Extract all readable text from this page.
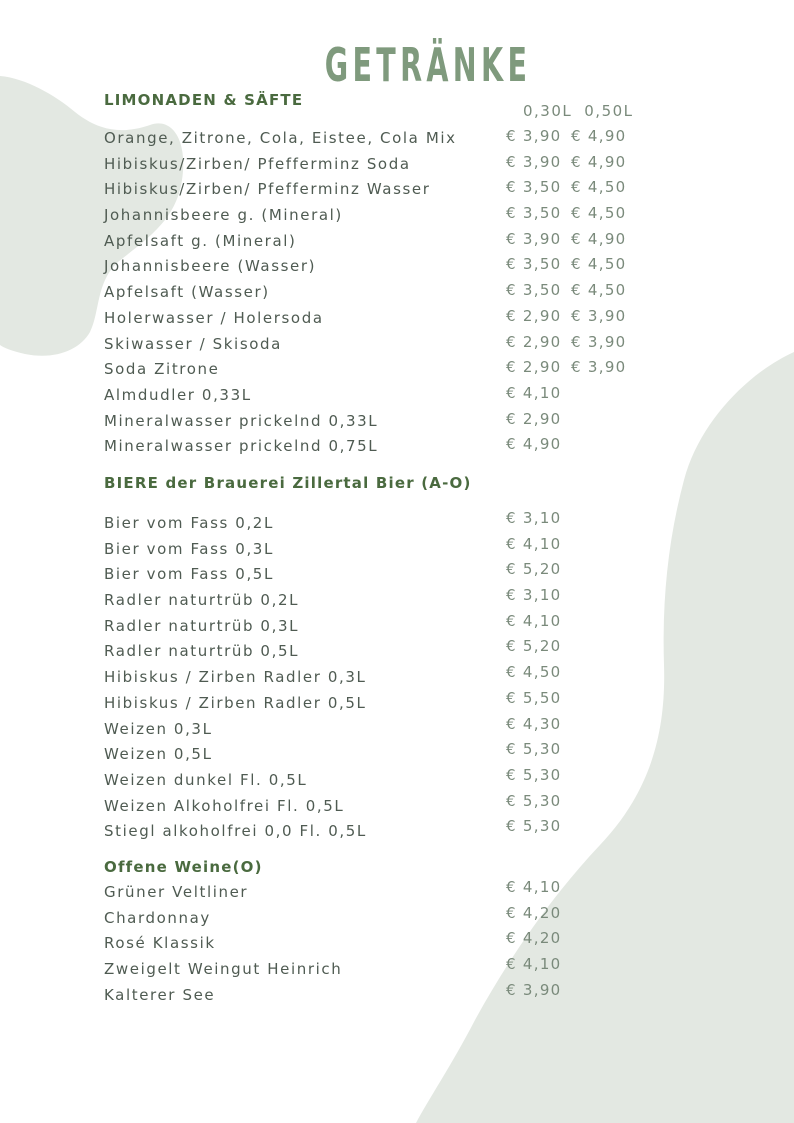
GETRÄNKE
LIMONADEN & SÄFTE
0,30L 0,50L
Orange, Zitrone, Cola, Eistee, Cola Mix	€ 3,90 € 4,90
Hibiskus/Zirben/ Pfefferminz Soda	€ 3,90 € 4,90
Hibiskus/Zirben/ Pfefferminz Wasser	€ 3,50 € 4,50
Johannisbeere g. (Mineral)	€ 3,50 € 4,50
Apfelsaft g. (Mineral)	€ 3,90 € 4,90
Johannisbeere (Wasser)	€ 3,50 € 4,50
Apfelsaft (Wasser)	€ 3,50 € 4,50
Holerwasser / Holersoda	€ 2,90 € 3,90
Skiwasser / Skisoda	€ 2,90 € 3,90
Soda Zitrone	€ 2,90 € 3,90
Almdudler 0,33L	€ 4,10
Mineralwasser prickelnd 0,33L	€ 2,90
Mineralwasser prickelnd 0,75L	€ 4,90
BIERE der Brauerei Zillertal Bier (A-O)
Bier vom Fass 0,2L	€ 3,10
Bier vom Fass 0,3L	€ 4,10
Bier vom Fass 0,5L	€ 5,20
Radler naturtrüb 0,2L	€ 3,10
Radler naturtrüb 0,3L	€ 4,10
Radler naturtrüb 0,5L	€ 5,20
Hibiskus / Zirben Radler 0,3L	€ 4,50
Hibiskus / Zirben Radler 0,5L	€ 5,50
Weizen 0,3L	€ 4,30
Weizen 0,5L	€ 5,30
Weizen dunkel Fl. 0,5L	€ 5,30
Weizen Alkoholfrei Fl. 0,5L	€ 5,30
Stiegl alkoholfrei 0,0 Fl. 0,5L	€ 5,30
Offene Weine(O)
Grüner Veltliner	€ 4,10
Chardonnay	€ 4,20
Rosé Klassik	€ 4,20
Zweigelt Weingut Heinrich	€ 4,10
Kalterer See	€ 3,90
